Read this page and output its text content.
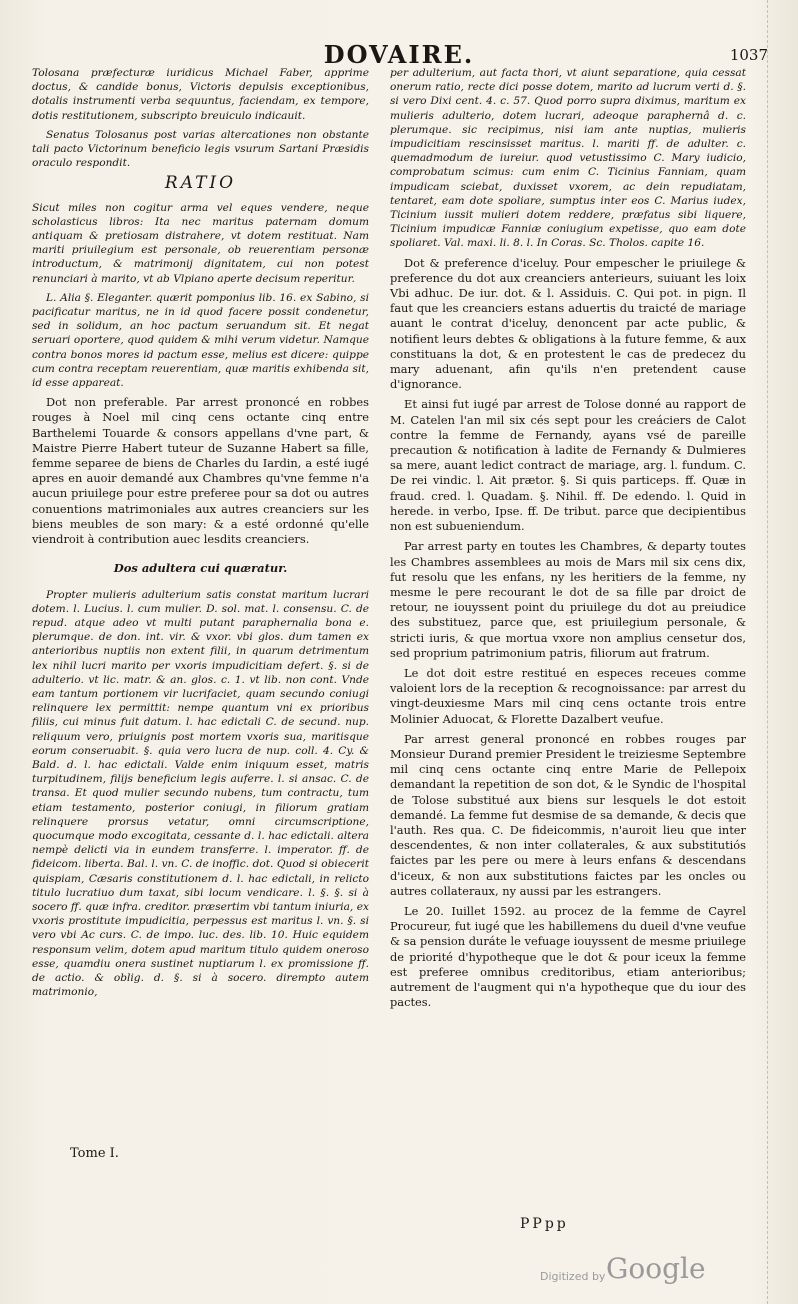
DOVAIRE.	1037

Tolosana præfecturæ iuridicus Michael Faber, apprime doctus, & candide bonus, Victoris depulsis exceptionibus, dotalis instrumenti verba sequuntus, faciendam, ex tempore, dotis restitutionem, subscripto breuiculo indicauit.

Senatus Tolosanus post varias altercationes non obstante tali pacto Victorinum beneficio legis vsurum Sartani Præsidis oraculo respondit.

RATIO

Sicut miles non cogitur arma vel eques vendere, neque scholasticus libros: Ita nec maritus paternam domum antiquam & pretiosam distrahere, vt dotem restituat. Nam mariti priuilegium est personale, ob reuerentiam personæ introductum, & matrimonij dignitatem, cui non potest renunciari à marito, vt ab Vlpiano aperte decisum reperitur.

L. Alia §. Eleganter. quærit pomponius lib. 16. ex Sabino, si pacificatur maritus, ne in id quod facere possit condenetur, sed in solidum, an hoc pactum seruandum sit. Et negat seruari oportere, quod quidem & mihi verum videtur. Namque contra bonos mores id pactum esse, melius est dicere: quippe cum contra receptam reuerentiam, quæ maritis exhibenda sit, id esse appareat.

Dot non preferable. Par arrest prononcé en robbes rouges à Noel mil cinq cens octante cinq entre Barthelemi Touarde & consors appellans d'vne part, & Maistre Pierre Habert tuteur de Suzanne Habert sa fille, femme separee de biens de Charles du Iardin, a esté iugé apres en auoir demandé aux Chambres qu'vne femme n'a aucun priuilege pour estre preferee pour sa dot ou autres conuentions matrimoniales aux autres creanciers sur les biens meubles de son mary: & a esté ordonné qu'elle viendroit à contribution auec lesdits creanciers.

Dos adultera cui quæratur.

Propter mulieris adulterium satis constat maritum lucrari dotem. l. Lucius. l. cum mulier. D. sol. mat. l. consensu. C. de repud. atque adeo vt multi putant paraphernalia bona e. plerumque. de don. int. vir. & vxor. vbi glos. dum tamen ex anterioribus nuptiis non extent filii, in quarum detrimentum lex nihil lucri marito per vxoris impudicitiam defert. §. si de adulterio. vt lic. matr. & an. glos. c. 1. vt lib. non cont. Vnde eam tantum portionem vir lucrifaciet, quam secundo coniugi relinquere lex permittit: nempe quantum vni ex prioribus filiis, cui minus fuit datum. l. hac edictali C. de secund. nup. reliquum vero, priuignis post mortem vxoris sua, maritisque eorum conseruabit. §. quia vero lucra de nup. coll. 4. Cy. & Bald. d. l. hac edictali. Valde enim iniquum esset, matris turpitudinem, filijs beneficium legis auferre. l. si ansac. C. de transa. Et quod mulier secundo nubens, tum contractu, tum etiam testamento, posterior coniugi, in filiorum gratiam relinquere prorsus vetatur, omni circumscriptione, quocumque modo excogitata, cessante d. l. hac edictali. altera nempè delicti via in eundem transferre. l. imperator. ff. de fideicom. liberta. Bal. l. vn. C. de inoffic. dot. Quod si obiecerit quispiam, Cæsaris constitutionem d. l. hac edictali, in relicto titulo lucratiuo dum taxat, sibi locum vendicare. l. §. §. si à socero ff. quæ infra. creditor. præsertim vbi tantum iniuria, ex vxoris prostitute impudicitia, perpessus est maritus l. vn. §. si vero vbi Ac curs. C. de impo. luc. des. lib. 10. Huic equidem responsum velim, dotem apud maritum titulo quidem oneroso esse, quamdiu onera sustinet nuptiarum l. ex promissione ff. de actio. & oblig. d. §. si à socero. dirempto autem matrimonio,

per adulterium, aut facta thori, vt aiunt separatione, quia cessat onerum ratio, recte dici posse dotem, marito ad lucrum verti d. §. si vero Dixi cent. 4. c. 57. Quod porro supra diximus, maritum ex mulieris adulterio, dotem lucrari, adeoque paraphernâ d. c. plerumque. sic recipimus, nisi iam ante nuptias, mulieris impudicitiam rescinsisset maritus. l. mariti ff. de adulter. c. quemadmodum de iureiur. quod vetustissimo C. Mary iudicio, comprobatum scimus: cum enim C. Ticinius Fanniam, quam impudicam sciebat, duxisset vxorem, ac dein repudiatam, tentaret, eam dote spoliare, sumptus inter eos C. Marius iudex, Ticinium iussit mulieri dotem reddere, præfatus sibi liquere, Ticinium impudicæ Fanniæ coniugium expetisse, quo eam dote spoliaret. Val. maxi. li. 8. l. In Coras. Sc. Tholos. capite 16.

Dot & preference d'iceluy. Pour empescher le priuilege & preference du dot aux creanciers anterieurs, suiuant les loix Vbi adhuc. De iur. dot. & l. Assiduis. C. Qui pot. in pign. Il faut que les creanciers estans aduertis du traicté de mariage auant le contrat d'iceluy, denoncent par acte public, & notifient leurs debtes & obligations à la future femme, & aux constituans la dot, & en protestent le cas de predecez du mary aduenant, afin qu'ils n'en pretendent cause d'ignorance.

Et ainsi fut iugé par arrest de Tolose donné au rapport de M. Catelen l'an mil six cés sept pour les creáciers de Calot contre la femme de Fernandy, ayans vsé de pareille precaution & notification à ladite de Fernandy & Dulmieres sa mere, auant ledict contract de mariage, arg. l. fundum. C. De rei vindic. l. Ait prætor. §. Si quis particeps. ff. Quæ in fraud. cred. l. Quadam. §. Nihil. ff. De edendo. l. Quid in herede. in verbo, Ipse. ff. De tribut. parce que decipientibus non est subueniendum.

Par arrest party en toutes les Chambres, & departy toutes les Chambres assemblees au mois de Mars mil six cens dix, fut resolu que les enfans, ny les heritiers de la femme, ny mesme le pere recourant le dot de sa fille par droict de retour, ne iouyssent point du priuilege du dot au preiudice des substituez, parce que, est priuilegium personale, & stricti iuris, & que mortua vxore non amplius censetur dos, sed proprium patrimonium patris, filiorum aut fratrum.

Le dot doit estre restitué en especes receues comme valoient lors de la reception & recognoissance: par arrest du vingt-deuxiesme Mars mil cinq cens octante trois entre Molinier Aduocat, & Florette Dazalbert veufue.

Par arrest general prononcé en robbes rouges par Monsieur Durand premier President le treiziesme Septembre mil cinq cens octante cinq entre Marie de Pellepoix demandant la repetition de son dot, & le Syndic de l'hospital de Tolose substitué aux biens sur lesquels le dot estoit demandé. La femme fut desmise de sa demande, & decis que l'auth. Res qua. C. De fideicommis, n'auroit lieu que inter descendentes, & non inter collaterales, & aux substitutiós faictes par les pere ou mere à leurs enfans & descendans d'iceux, & non aux substitutions faictes par les oncles ou autres collateraux, ny aussi par les estrangers.

Le 20. Iuillet 1592. au procez de la femme de Cayrel Procureur, fut iugé que les habillemens du dueil d'vne veufue & sa pension duráte le vefuage iouyssent de mesme priuilege de priorité d'hypotheque que le dot & pour iceux la femme est preferee omnibus creditoribus, etiam anterioribus; autrement de l'augment qui n'a hypotheque que du iour des pactes.

Tome I.
PPpp
Digitized by Google
